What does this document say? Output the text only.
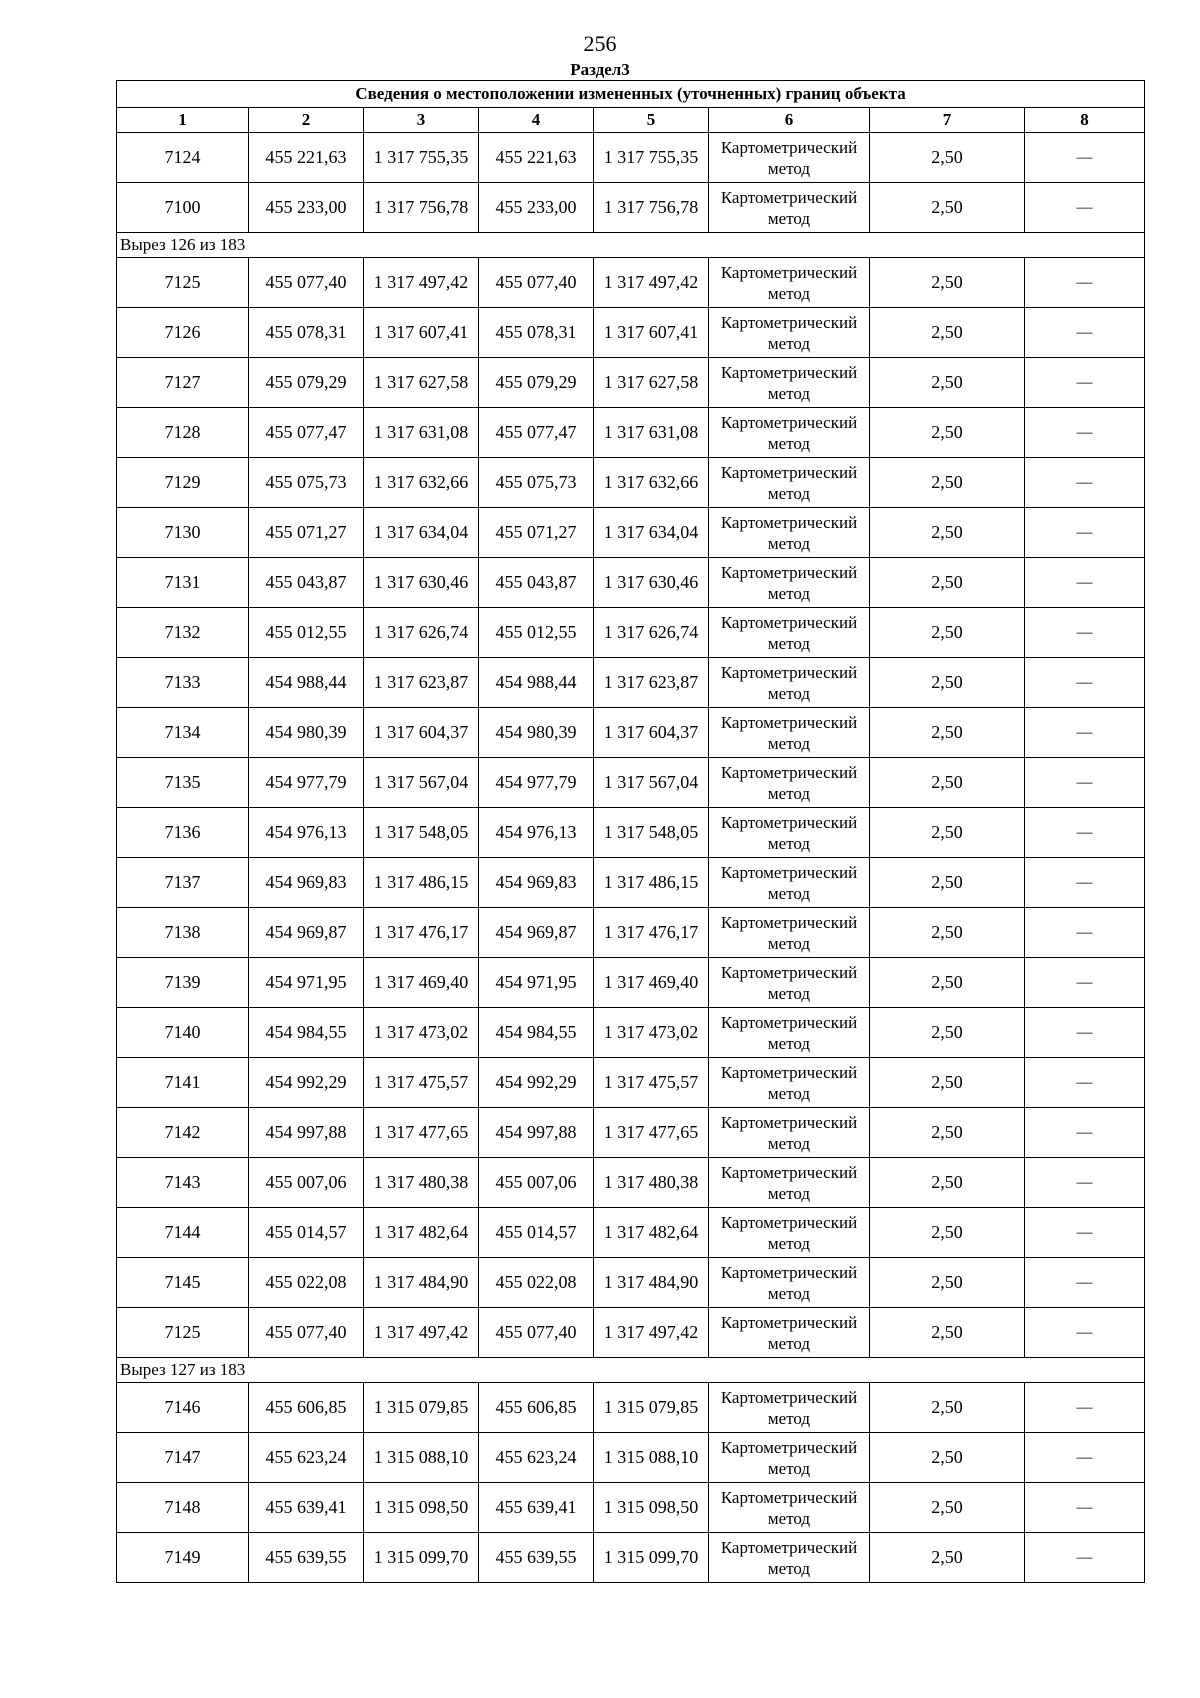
256
Раздел3
Сведения о местоположении измененных (уточненных) границ объекта							
1	2	3	4	5	6	7	8
7124	455 221,63	1 317 755,35	455 221,63	1 317 755,35	Картометрический метод	2,50	—
7100	455 233,00	1 317 756,78	455 233,00	1 317 756,78	Картометрический метод	2,50	—
Вырез 126 из 183							
7125	455 077,40	1 317 497,42	455 077,40	1 317 497,42	Картометрический метод	2,50	—
7126	455 078,31	1 317 607,41	455 078,31	1 317 607,41	Картометрический метод	2,50	—
7127	455 079,29	1 317 627,58	455 079,29	1 317 627,58	Картометрический метод	2,50	—
7128	455 077,47	1 317 631,08	455 077,47	1 317 631,08	Картометрический метод	2,50	—
7129	455 075,73	1 317 632,66	455 075,73	1 317 632,66	Картометрический метод	2,50	—
7130	455 071,27	1 317 634,04	455 071,27	1 317 634,04	Картометрический метод	2,50	—
7131	455 043,87	1 317 630,46	455 043,87	1 317 630,46	Картометрический метод	2,50	—
7132	455 012,55	1 317 626,74	455 012,55	1 317 626,74	Картометрический метод	2,50	—
7133	454 988,44	1 317 623,87	454 988,44	1 317 623,87	Картометрический метод	2,50	—
7134	454 980,39	1 317 604,37	454 980,39	1 317 604,37	Картометрический метод	2,50	—
7135	454 977,79	1 317 567,04	454 977,79	1 317 567,04	Картометрический метод	2,50	—
7136	454 976,13	1 317 548,05	454 976,13	1 317 548,05	Картометрический метод	2,50	—
7137	454 969,83	1 317 486,15	454 969,83	1 317 486,15	Картометрический метод	2,50	—
7138	454 969,87	1 317 476,17	454 969,87	1 317 476,17	Картометрический метод	2,50	—
7139	454 971,95	1 317 469,40	454 971,95	1 317 469,40	Картометрический метод	2,50	—
7140	454 984,55	1 317 473,02	454 984,55	1 317 473,02	Картометрический метод	2,50	—
7141	454 992,29	1 317 475,57	454 992,29	1 317 475,57	Картометрический метод	2,50	—
7142	454 997,88	1 317 477,65	454 997,88	1 317 477,65	Картометрический метод	2,50	—
7143	455 007,06	1 317 480,38	455 007,06	1 317 480,38	Картометрический метод	2,50	—
7144	455 014,57	1 317 482,64	455 014,57	1 317 482,64	Картометрический метод	2,50	—
7145	455 022,08	1 317 484,90	455 022,08	1 317 484,90	Картометрический метод	2,50	—
7125	455 077,40	1 317 497,42	455 077,40	1 317 497,42	Картометрический метод	2,50	—
Вырез 127 из 183							
7146	455 606,85	1 315 079,85	455 606,85	1 315 079,85	Картометрический метод	2,50	—
7147	455 623,24	1 315 088,10	455 623,24	1 315 088,10	Картометрический метод	2,50	—
7148	455 639,41	1 315 098,50	455 639,41	1 315 098,50	Картометрический метод	2,50	—
7149	455 639,55	1 315 099,70	455 639,55	1 315 099,70	Картометрический метод	2,50	—
